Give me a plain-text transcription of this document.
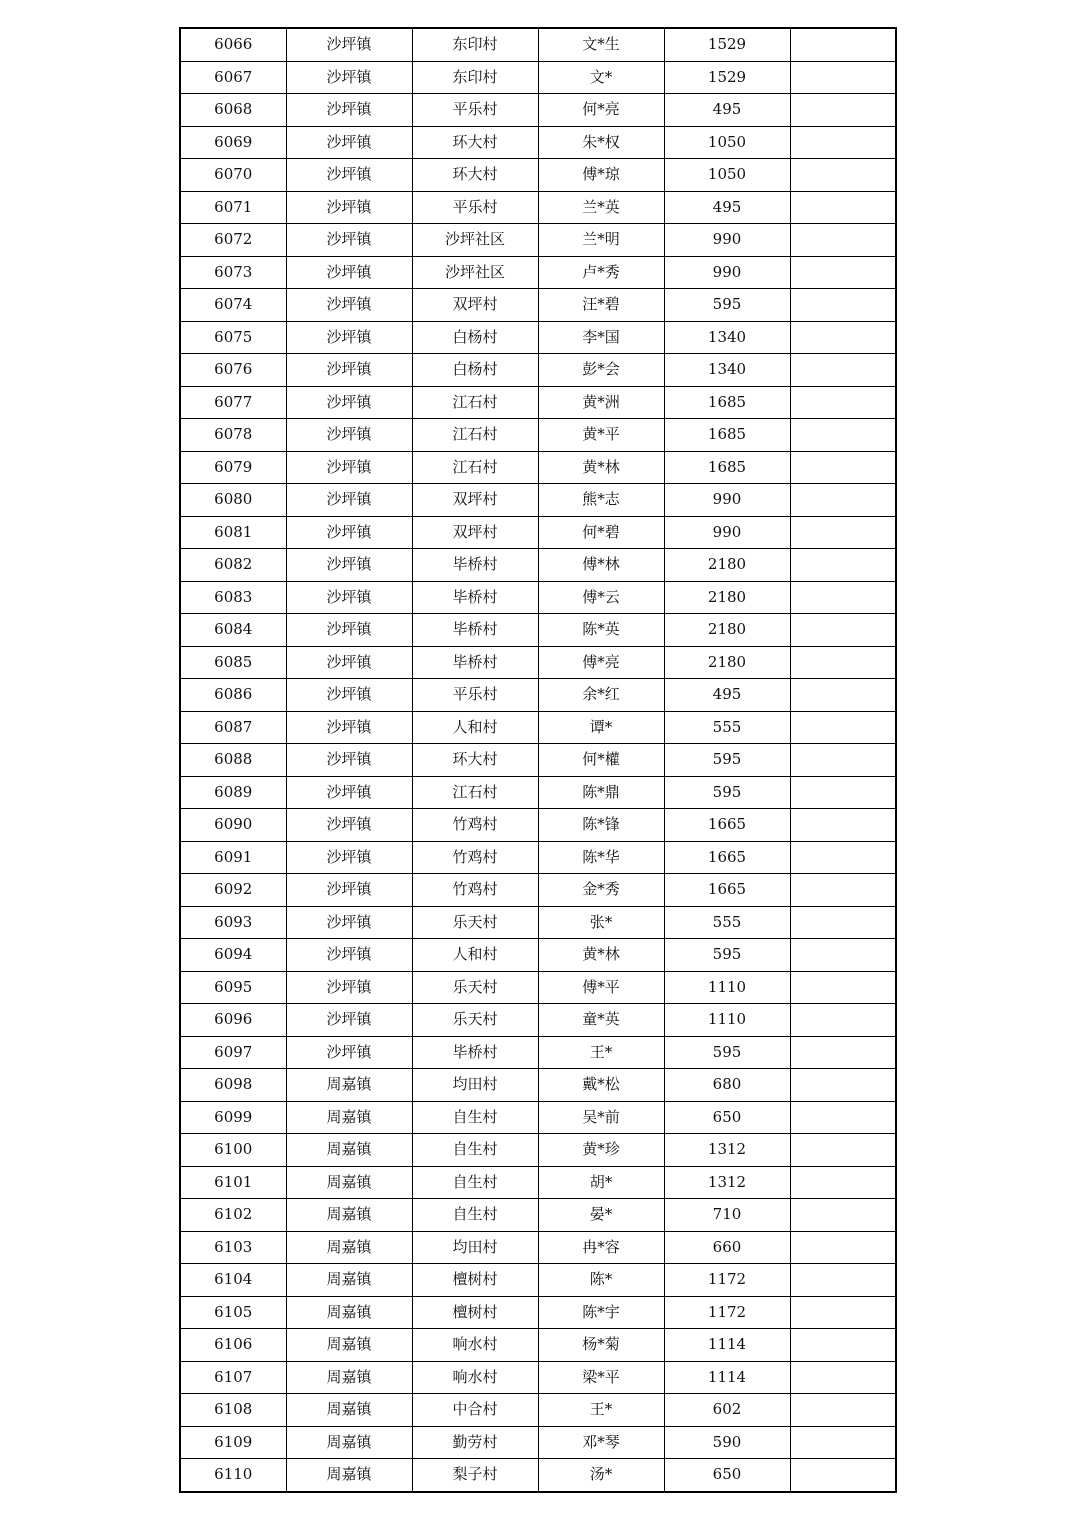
6066	沙坪镇	东印村	文*生	1529	
6067	沙坪镇	东印村	文*	1529	
6068	沙坪镇	平乐村	何*亮	495	
6069	沙坪镇	环大村	朱*权	1050	
6070	沙坪镇	环大村	傅*琼	1050	
6071	沙坪镇	平乐村	兰*英	495	
6072	沙坪镇	沙坪社区	兰*明	990	
6073	沙坪镇	沙坪社区	卢*秀	990	
6074	沙坪镇	双坪村	汪*碧	595	
6075	沙坪镇	白杨村	李*国	1340	
6076	沙坪镇	白杨村	彭*会	1340	
6077	沙坪镇	江石村	黄*洲	1685	
6078	沙坪镇	江石村	黄*平	1685	
6079	沙坪镇	江石村	黄*林	1685	
6080	沙坪镇	双坪村	熊*志	990	
6081	沙坪镇	双坪村	何*碧	990	
6082	沙坪镇	毕桥村	傅*林	2180	
6083	沙坪镇	毕桥村	傅*云	2180	
6084	沙坪镇	毕桥村	陈*英	2180	
6085	沙坪镇	毕桥村	傅*亮	2180	
6086	沙坪镇	平乐村	余*红	495	
6087	沙坪镇	人和村	谭*	555	
6088	沙坪镇	环大村	何*權	595	
6089	沙坪镇	江石村	陈*鼎	595	
6090	沙坪镇	竹鸡村	陈*锋	1665	
6091	沙坪镇	竹鸡村	陈*华	1665	
6092	沙坪镇	竹鸡村	金*秀	1665	
6093	沙坪镇	乐天村	张*	555	
6094	沙坪镇	人和村	黄*林	595	
6095	沙坪镇	乐天村	傅*平	1110	
6096	沙坪镇	乐天村	童*英	1110	
6097	沙坪镇	毕桥村	王*	595	
6098	周嘉镇	均田村	戴*松	680	
6099	周嘉镇	自生村	吴*前	650	
6100	周嘉镇	自生村	黄*珍	1312	
6101	周嘉镇	自生村	胡*	1312	
6102	周嘉镇	自生村	晏*	710	
6103	周嘉镇	均田村	冉*容	660	
6104	周嘉镇	檀树村	陈*	1172	
6105	周嘉镇	檀树村	陈*宇	1172	
6106	周嘉镇	响水村	杨*菊	1114	
6107	周嘉镇	响水村	梁*平	1114	
6108	周嘉镇	中合村	王*	602	
6109	周嘉镇	勤劳村	邓*琴	590	
6110	周嘉镇	梨子村	汤*	650	
